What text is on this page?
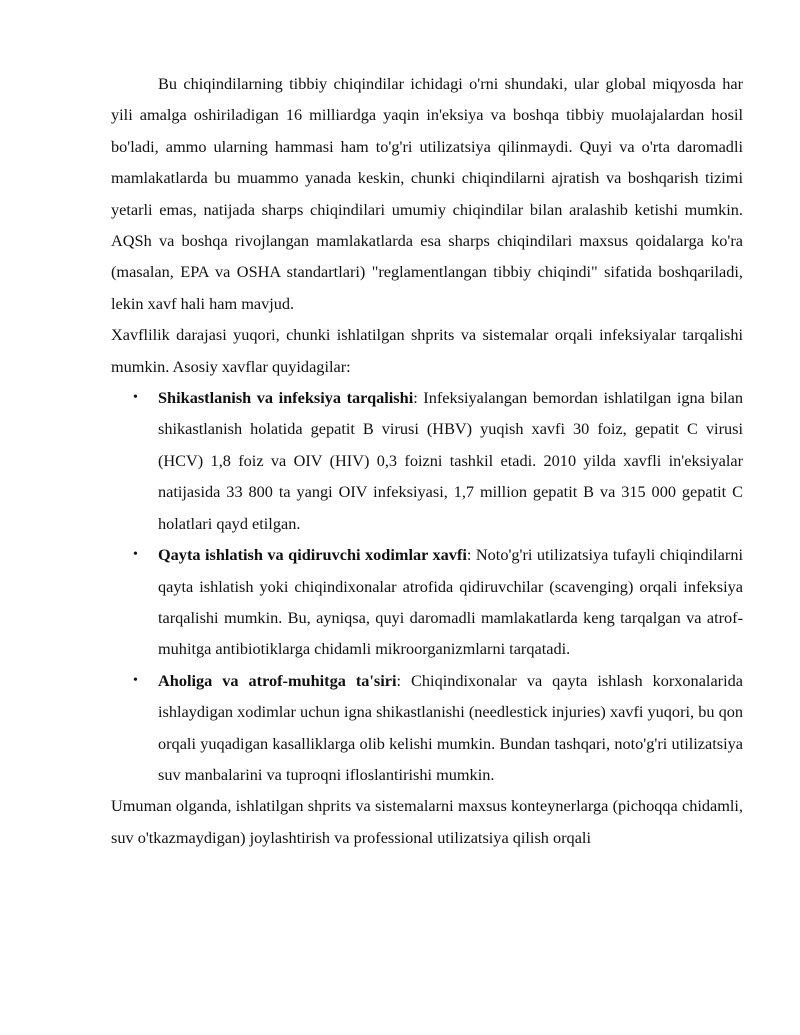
Bu chiqindilarning tibbiy chiqindilar ichidagi o'rni shundaki, ular global miqyosda har yili amalga oshiriladigan 16 milliardga yaqin in'eksiya va boshqa tibbiy muolajalardan hosil bo'ladi, ammo ularning hammasi ham to'g'ri utilizatsiya qilinmaydi. Quyi va o'rta daromadli mamlakatlarda bu muammo yanada keskin, chunki chiqindilarni ajratish va boshqarish tizimi yetarli emas, natijada sharps chiqindilari umumiy chiqindilar bilan aralashib ketishi mumkin. AQSh va boshqa rivojlangan mamlakatlarda esa sharps chiqindilari maxsus qoidalarga ko'ra (masalan, EPA va OSHA standartlari) "reglamentlangan tibbiy chiqindi" sifatida boshqariladi, lekin xavf hali ham mavjud.

Xavflilik darajasi yuqori, chunki ishlatilgan shprits va sistemalar orqali infeksiyalar tarqalishi mumkin. Asosiy xavflar quyidagilar:

• Shikastlanish va infeksiya tarqalishi: Infeksiyalangan bemordan ishlatilgan igna bilan shikastlanish holatida gepatit B virusi (HBV) yuqish xavfi 30 foiz, gepatit C virusi (HCV) 1,8 foiz va OIV (HIV) 0,3 foizni tashkil etadi. 2010 yilda xavfli in'eksiyalar natijasida 33 800 ta yangi OIV infeksiyasi, 1,7 million gepatit B va 315 000 gepatit C holatlari qayd etilgan.
• Qayta ishlatish va qidiruvchi xodimlar xavfi: Noto'g'ri utilizatsiya tufayli chiqindilarni qayta ishlatish yoki chiqindixonalar atrofida qidiruvchilar (scavenging) orqali infeksiya tarqalishi mumkin. Bu, ayniqsa, quyi daromadli mamlakatlarda keng tarqalgan va atrof-muhitga antibiotiklarga chidamli mikroorganizmlarni tarqatadi.
• Aholiga va atrof-muhitga ta'siri: Chiqindixonalar va qayta ishlash korxonalarida ishlaydigan xodimlar uchun igna shikastlanishi (needlestick injuries) xavfi yuqori, bu qon orqali yuqadigan kasalliklarga olib kelishi mumkin. Bundan tashqari, noto'g'ri utilizatsiya suv manbalarini va tuproqni ifloslantirishi mumkin.

Umuman olganda, ishlatilgan shprits va sistemalarni maxsus konteynerlarga (pichoqqa chidamli, suv o'tkazmaydigan) joylashtirish va professional utilizatsiya qilish orqali
